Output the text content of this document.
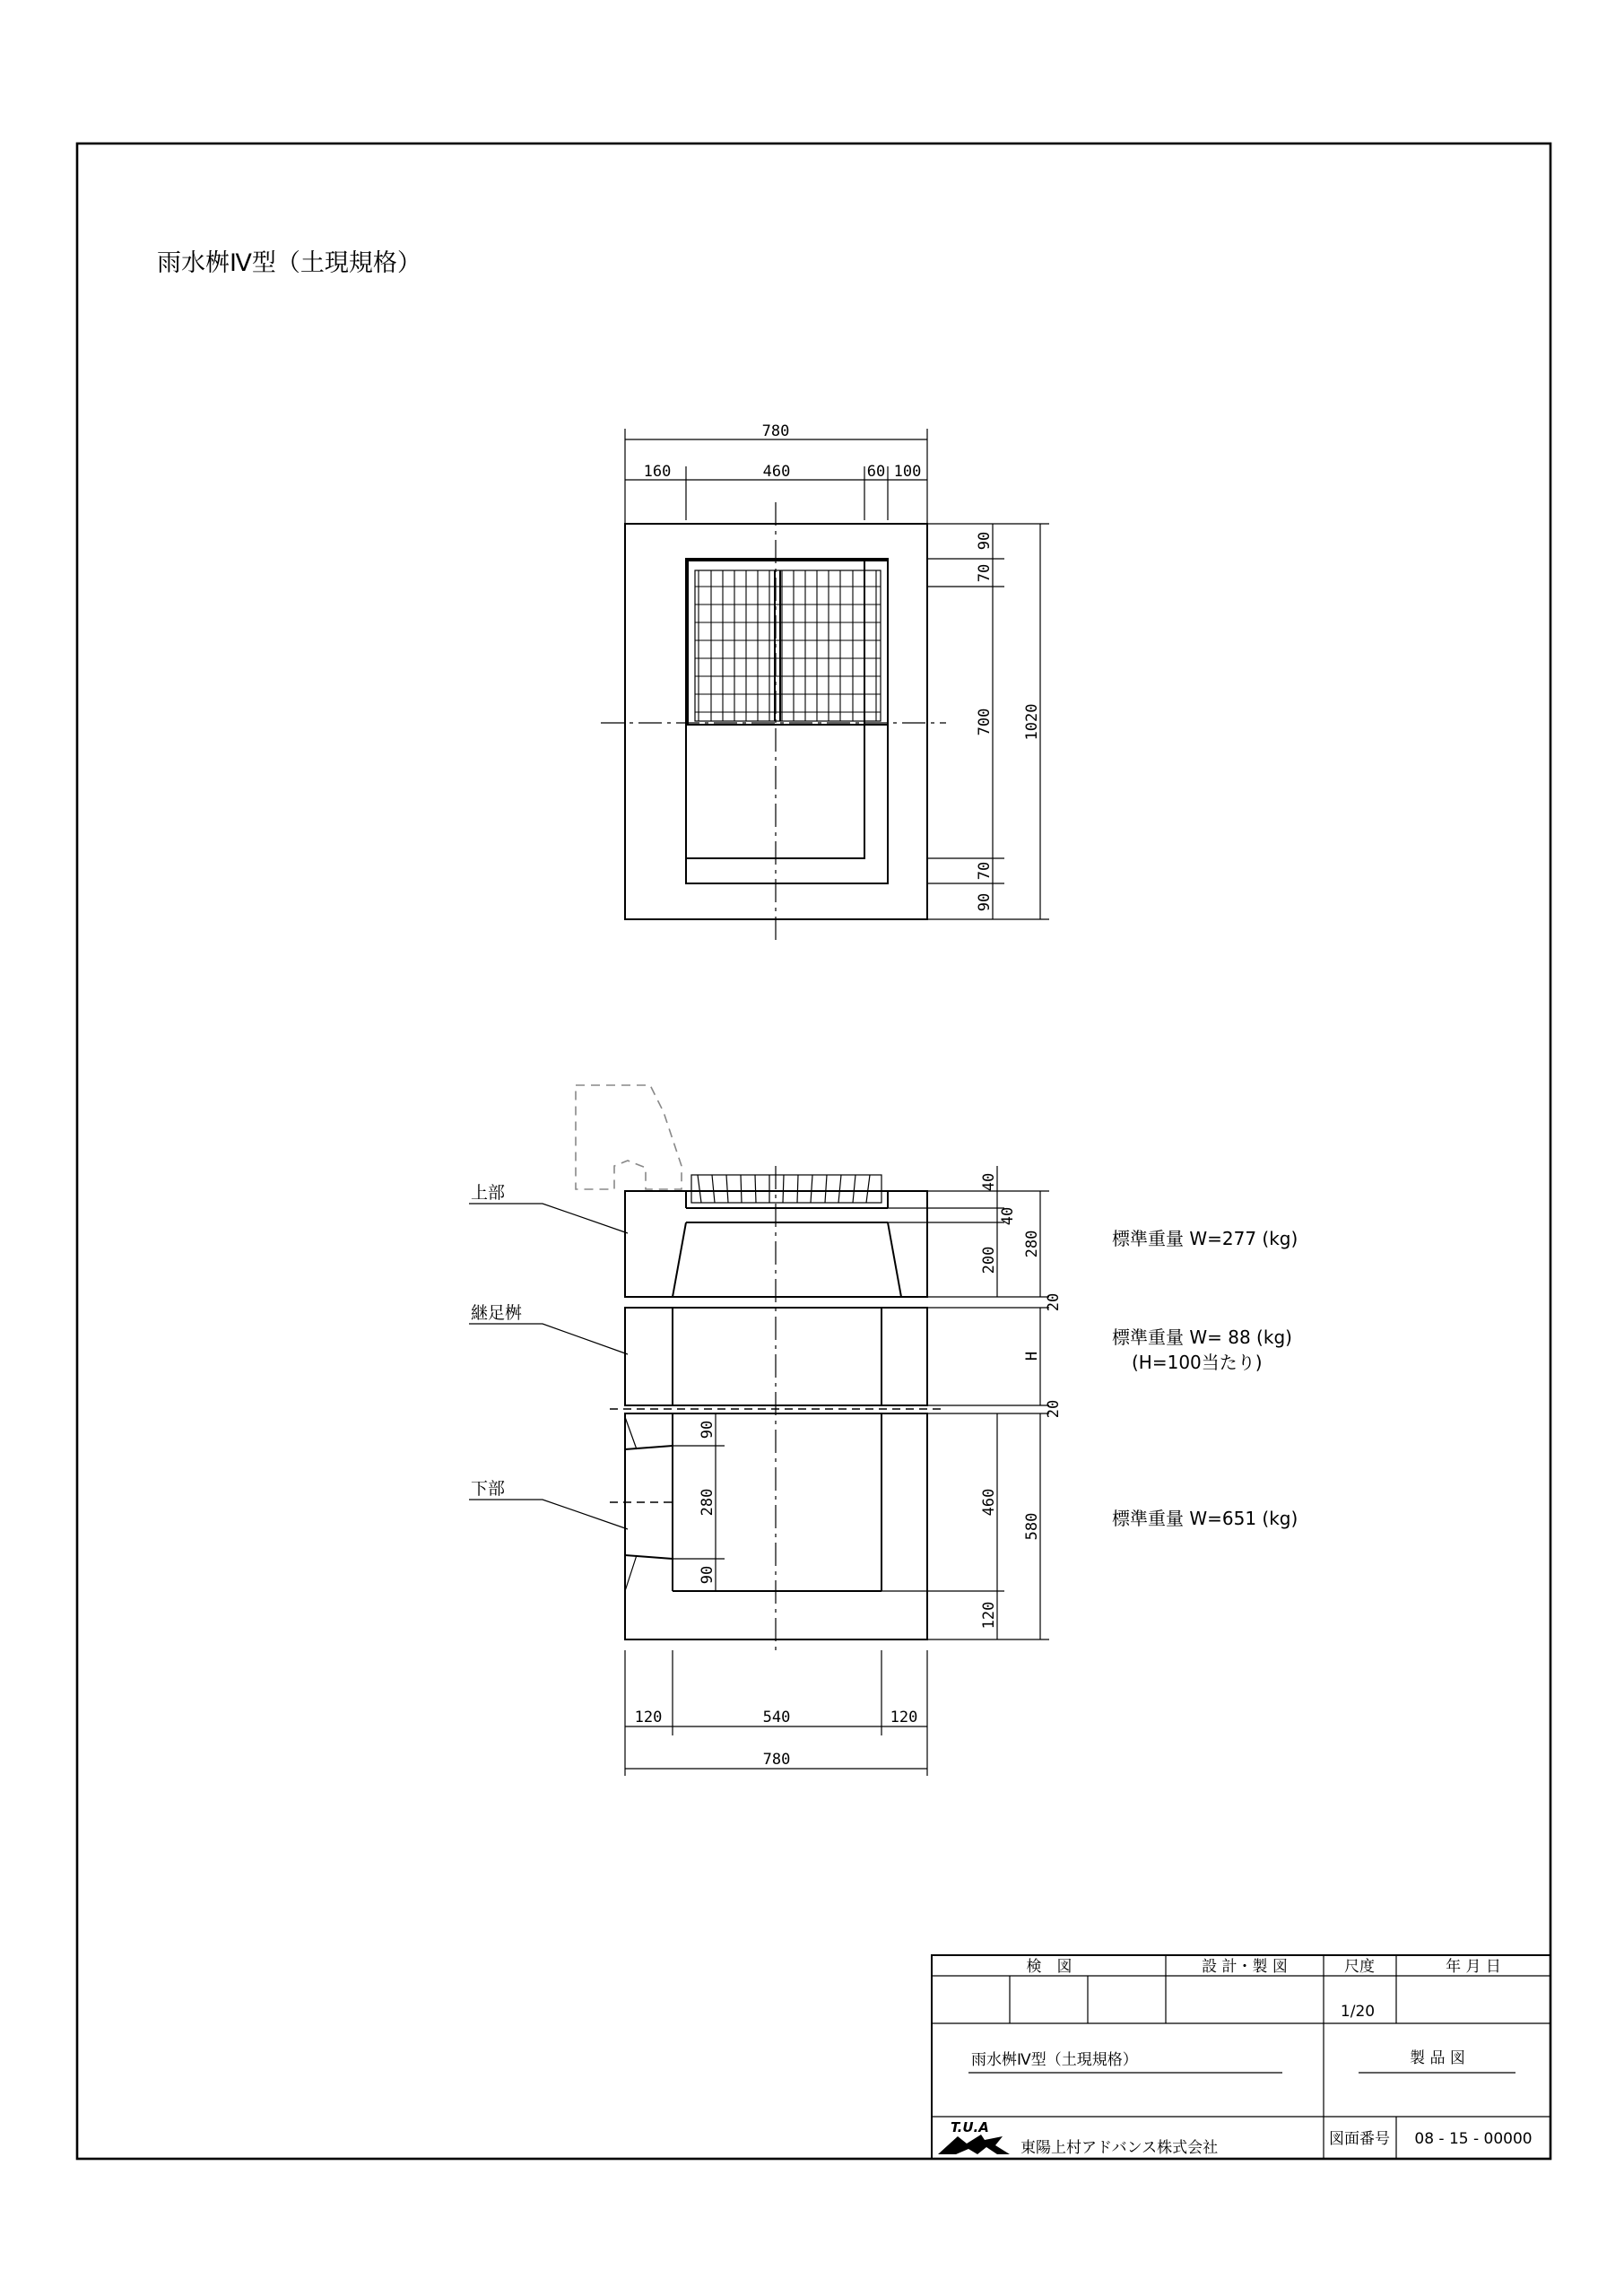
雨水桝Ⅳ型（土現規格）
780
160	460	60 100
90
70
700
70
90
1020
上部
継足桝
下部
40
40
200
280
20
H
20
460
580
120
90
280
90
120	540	120
780
標準重量 W=277 (kg)
標準重量 W= 88 (kg)
(H=100当たり)
標準重量 W=651 (kg)
検　図	設 計・製 図	尺度	年 月 日
1/20
雨水桝Ⅳ型（土現規格）	製 品 図
T.U.A
東陽上村アドバンス株式会社	図面番号 08 - 15 - 00000
